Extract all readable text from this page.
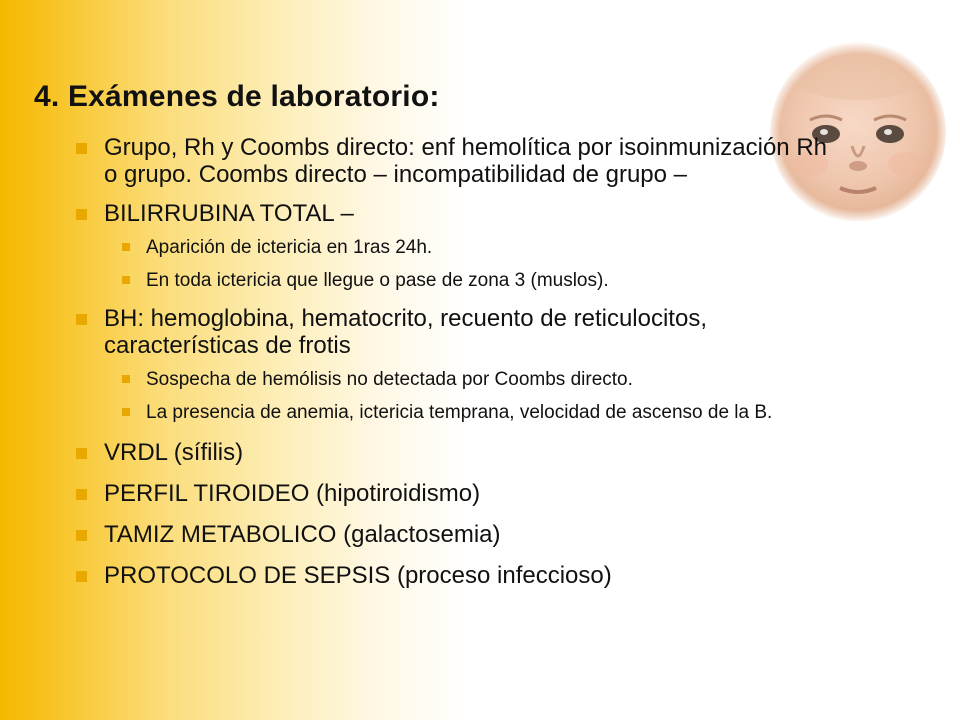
4. Exámenes de laboratorio:

Grupo, Rh y Coombs directo: enf hemolítica por isoinmunización Rh o grupo. Coombs directo – incompatibilidad de grupo –

BILIRRUBINA TOTAL –

Aparición de ictericia en 1ras 24h.

En toda ictericia que llegue o pase de zona 3 (muslos).

BH: hemoglobina, hematocrito, recuento de reticulocitos, características de frotis

Sospecha de hemólisis no detectada por Coombs directo.

La presencia de anemia, ictericia temprana, velocidad de ascenso de la B.

VRDL (sífilis)

PERFIL TIROIDEO (hipotiroidismo)

TAMIZ METABOLICO (galactosemia)

PROTOCOLO DE SEPSIS (proceso infeccioso)
